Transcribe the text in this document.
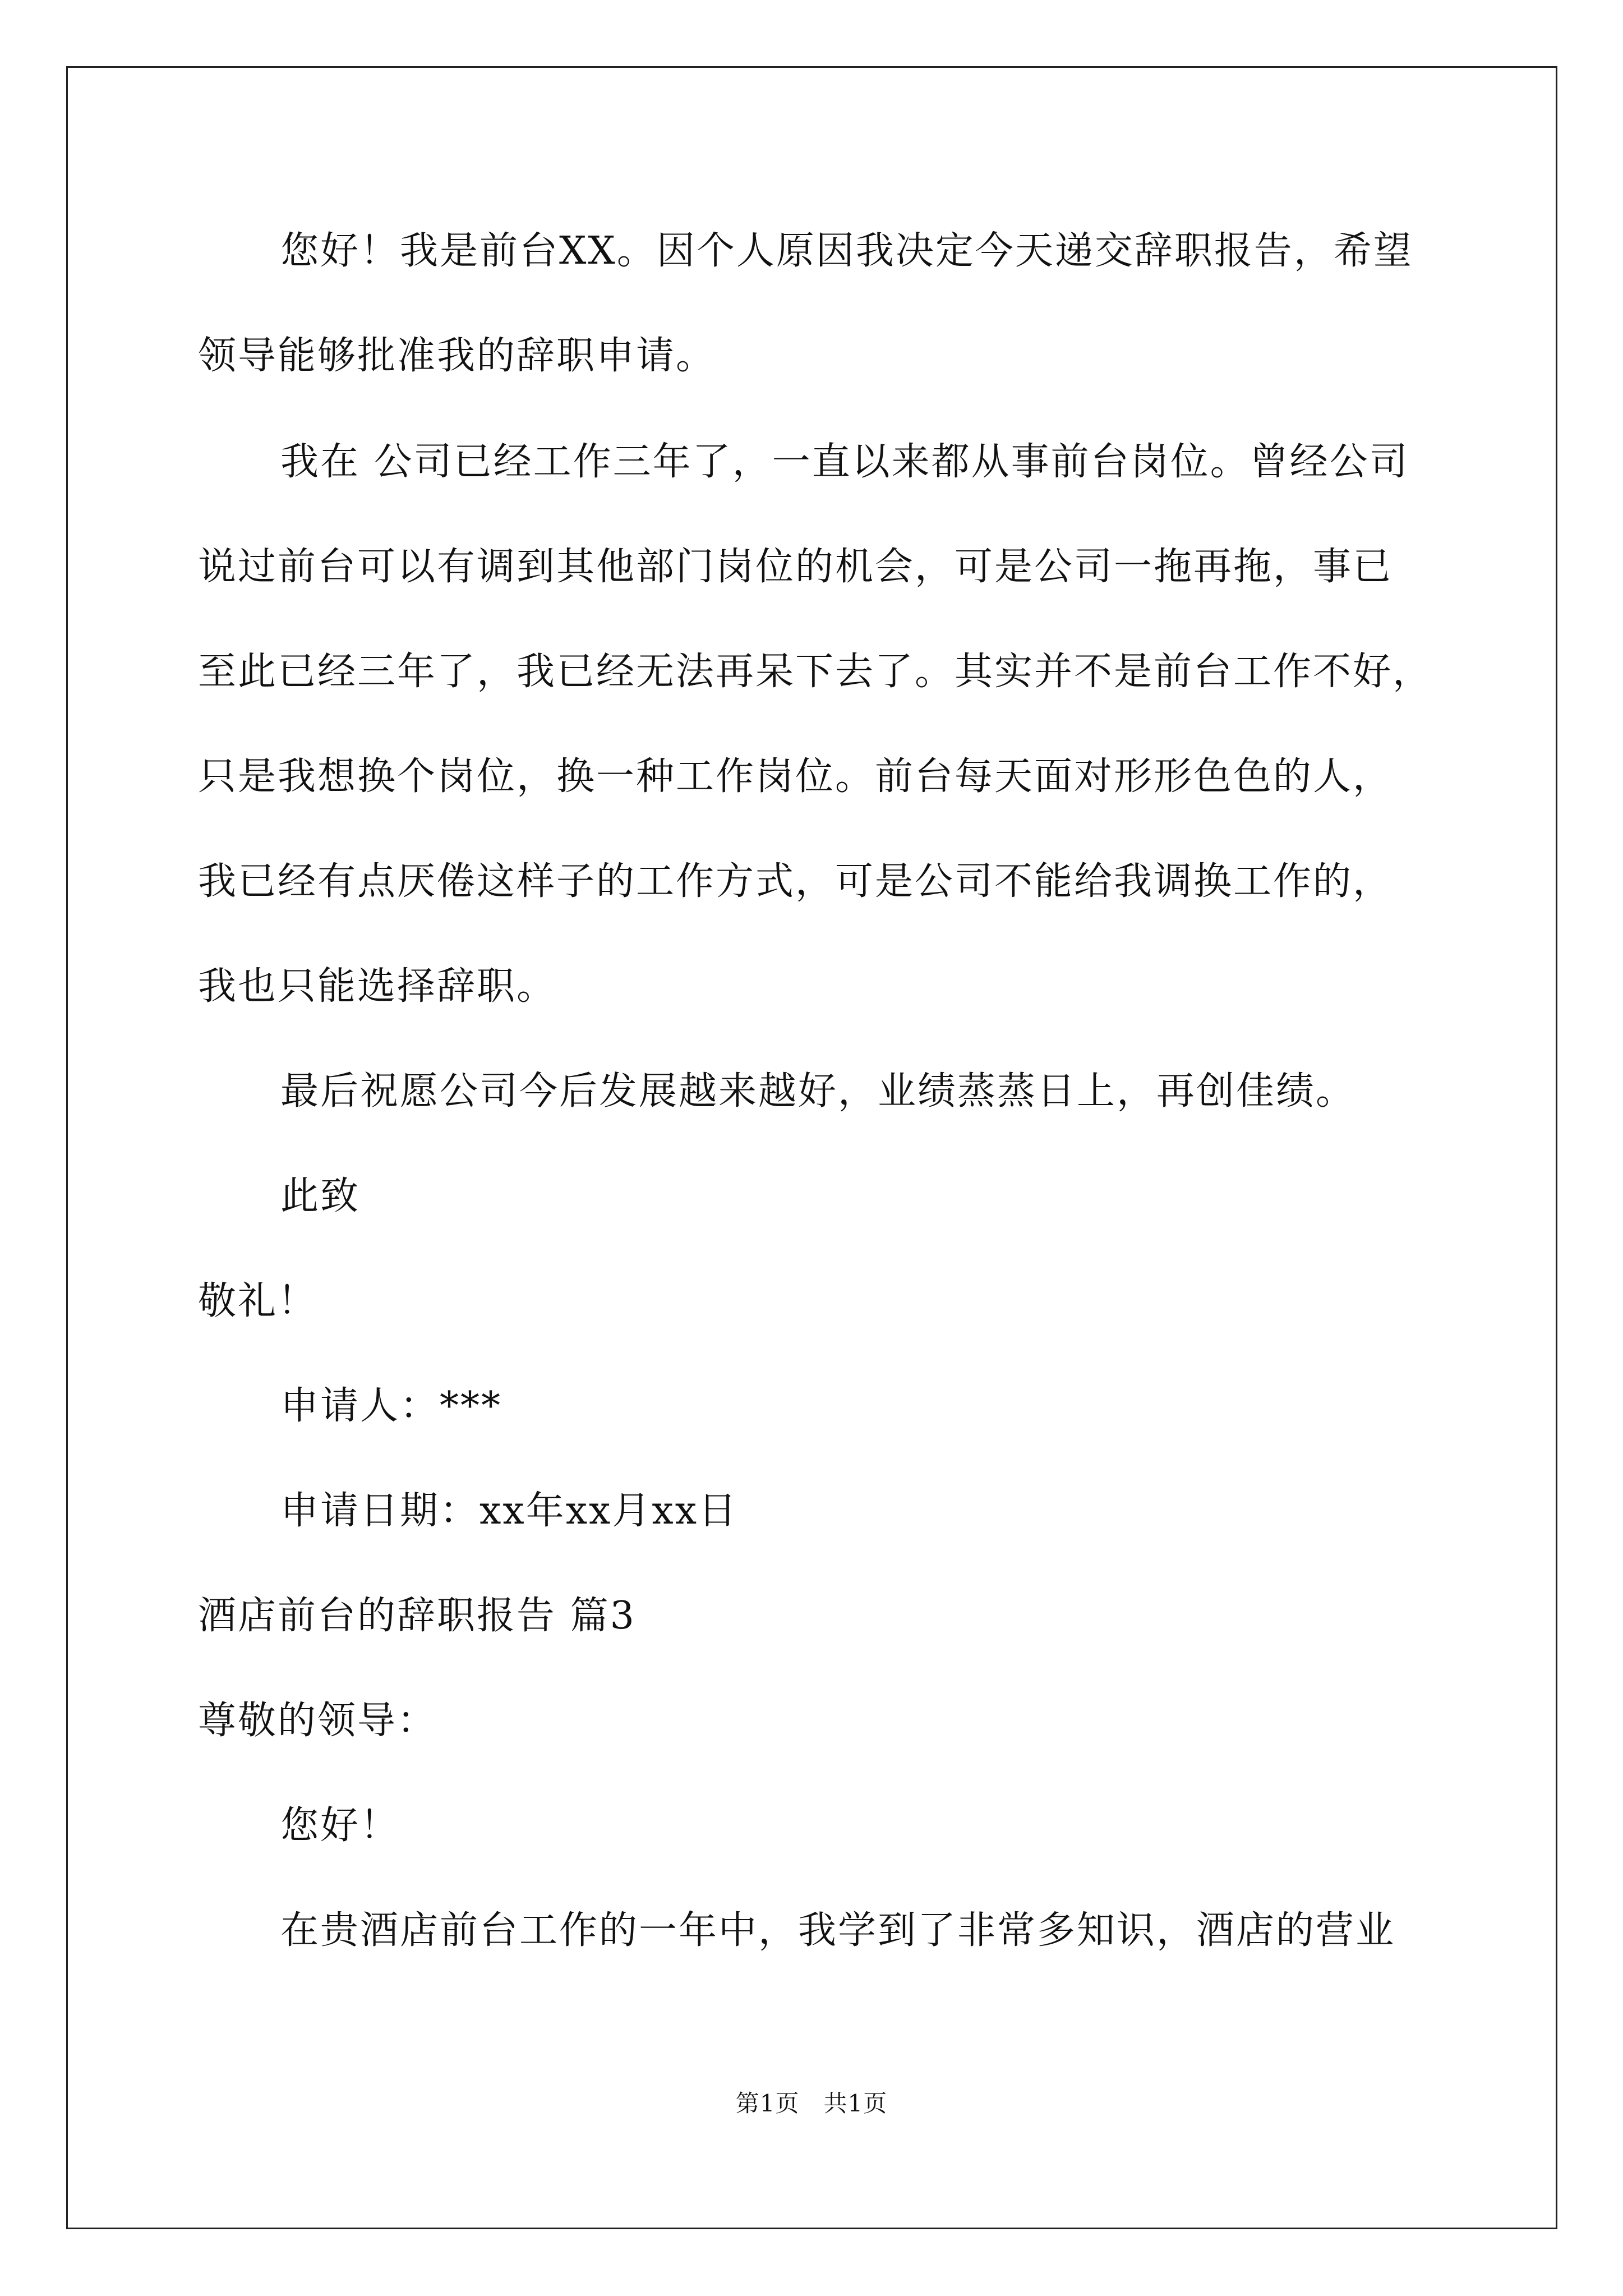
您好！我是前台XX。因个人原因我决定今天递交辞职报告，希望
领导能够批准我的辞职申请。
我在 公司已经工作三年了，一直以来都从事前台岗位。曾经公司
说过前台可以有调到其他部门岗位的机会，可是公司一拖再拖，事已
至此已经三年了，我已经无法再呆下去了。其实并不是前台工作不好，
只是我想换个岗位，换一种工作岗位。前台每天面对形形色色的人，
我已经有点厌倦这样子的工作方式，可是公司不能给我调换工作的，
我也只能选择辞职。
最后祝愿公司今后发展越来越好，业绩蒸蒸日上，再创佳绩。
此致
敬礼！
申请人：***
申请日期：xx年xx月xx日
酒店前台的辞职报告 篇3
尊敬的领导：
您好！
在贵酒店前台工作的一年中，我学到了非常多知识，酒店的营业
第1页　共1页
